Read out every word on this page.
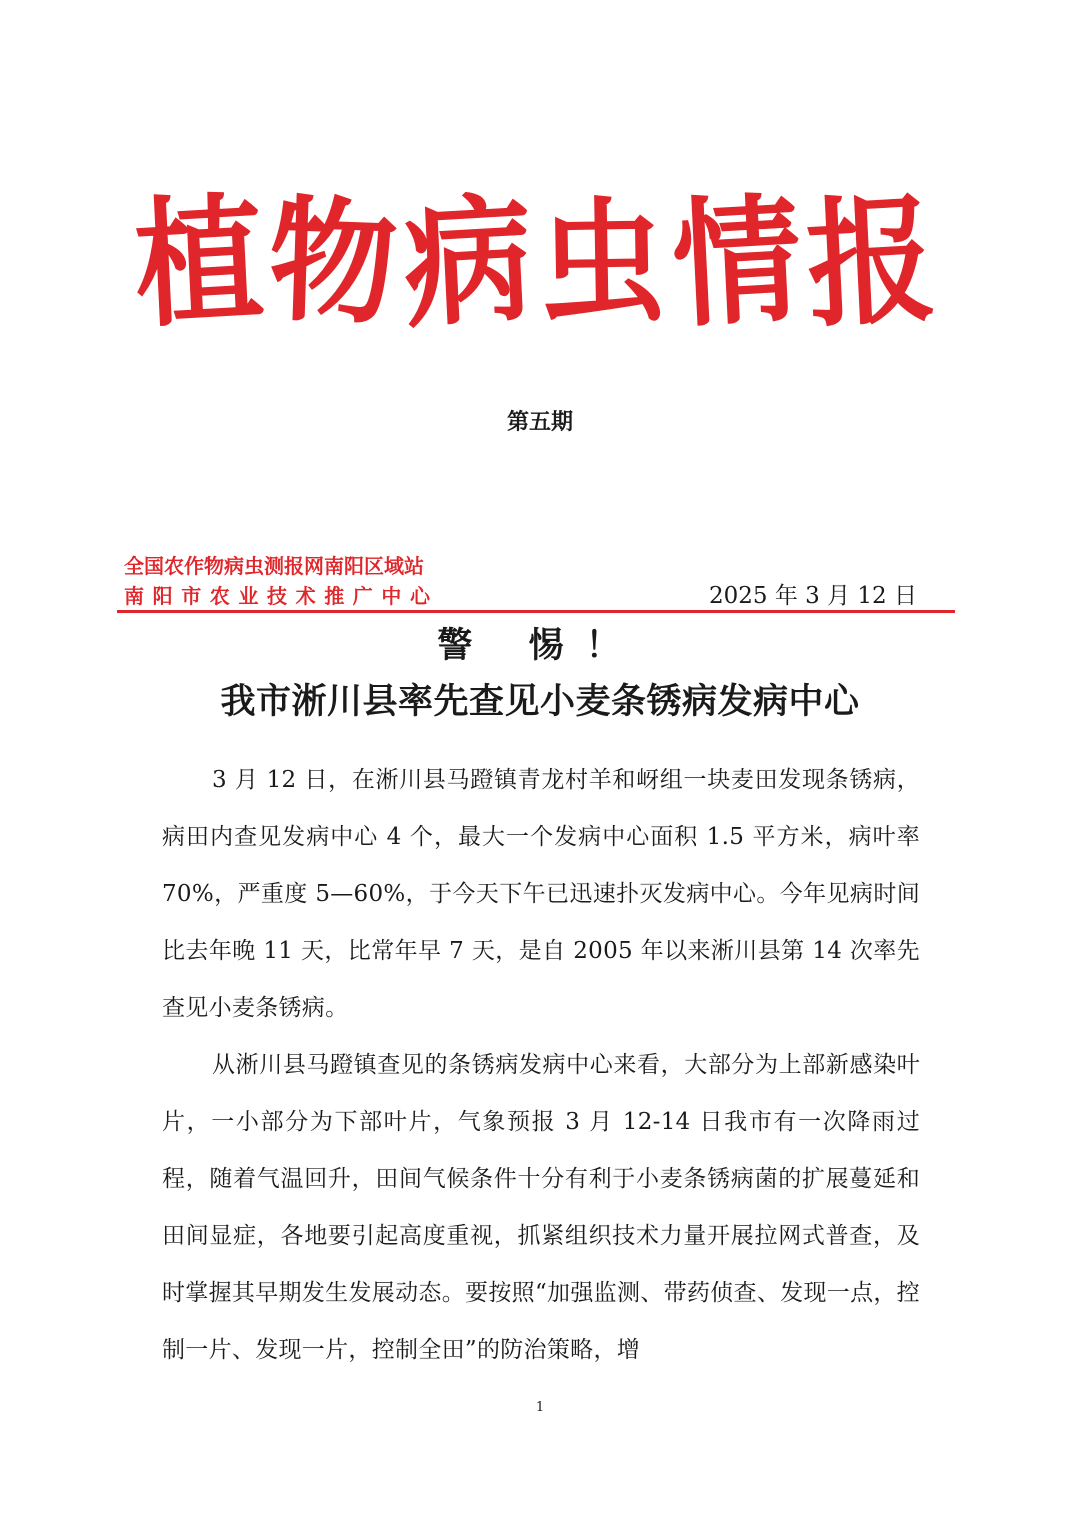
植 物 病 虫 情
报
第五期
全国农作物病虫测报网南阳区域站
南阳市农业技术推广中心	2025 年 3 月 12 日
警 惕！
我市淅川县率先查见小麦条锈病发病中心

3 月 12 日，在淅川县马蹬镇青龙村羊和岈组一块麦田发现条锈病，病田内查见发病中心 4 个，最大一个发病中心面积 1.5 平方米，病叶率 70%，严重度 5—60%，于今天下午已迅速扑灭发病中心。今年见病时间比去年晚 11 天，比常年早 7 天，是自 2005 年以来淅川县第 14 次率先查见小麦条锈病。

从淅川县马蹬镇查见的条锈病发病中心来看，大部分为上部新感染叶片，一小部分为下部叶片，气象预报 3 月 12-14 日我市有一次降雨过程，随着气温回升，田间气候条件十分有利于小麦条锈病菌的扩展蔓延和田间显症，各地要引起高度重视，抓紧组织技术力量开展拉网式普查，及时掌握其早期发生发展动态。要按照“加强监测、带药侦查、发现一点，控制一片、发现一片，控制全田”的防治策略，增

1
